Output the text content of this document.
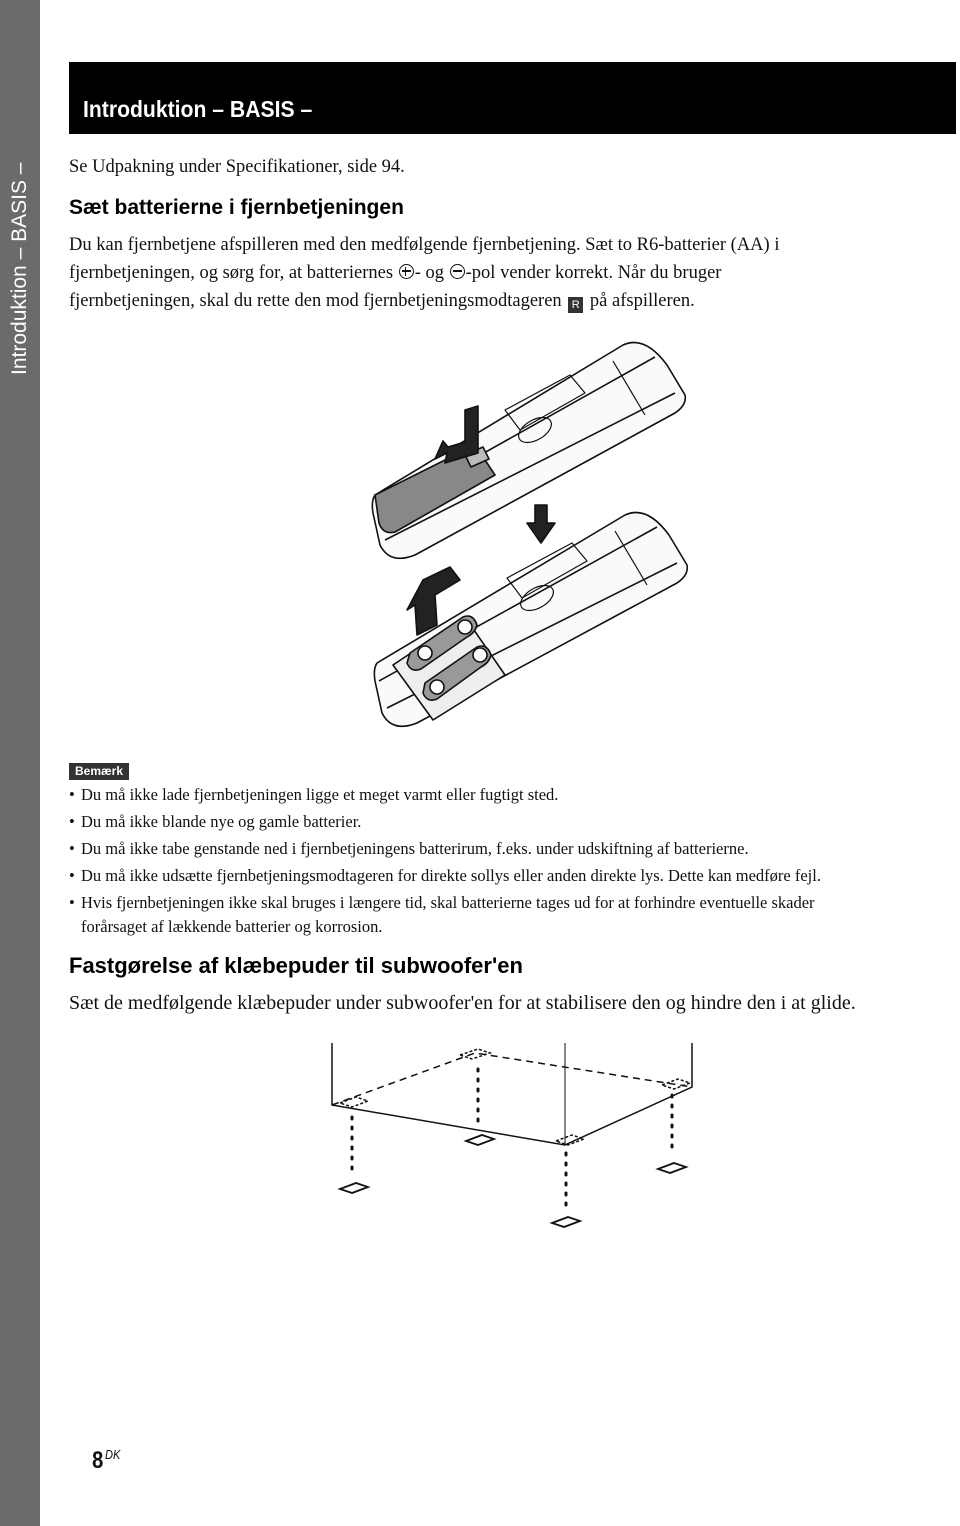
Introduktion – BASIS –
Introduktion – BASIS –
Se Udpakning under Specifikationer, side 94.
Sæt batterierne i fjernbetjeningen
Du kan fjernbetjene afspilleren med den medfølgende fjernbetjening. Sæt to R6-batterier (AA) i
fjernbetjeningen, og sørg for, at batteriernes - og -pol vender korrekt. Når du bruger
fjernbetjeningen, skal du rette den mod fjernbetjeningsmodtageren R på afspilleren.
Bemærk
• Du må ikke lade fjernbetjeningen ligge et meget varmt eller fugtigt sted.
• Du må ikke blande nye og gamle batterier.
• Du må ikke tabe genstande ned i fjernbetjeningens batterirum, f.eks. under udskiftning af batterierne.
• Du må ikke udsætte fjernbetjeningsmodtageren for direkte sollys eller anden direkte lys. Dette kan medføre fejl.
• Hvis fjernbetjeningen ikke skal bruges i længere tid, skal batterierne tages ud for at forhindre eventuelle skader
forårsaget af lækkende batterier og korrosion.
Fastgørelse af klæbepuder til subwoofer'en
Sæt de medfølgende klæbepuder under subwoofer'en for at stabilisere den og hindre den i at glide.
8 $^{DK}$
